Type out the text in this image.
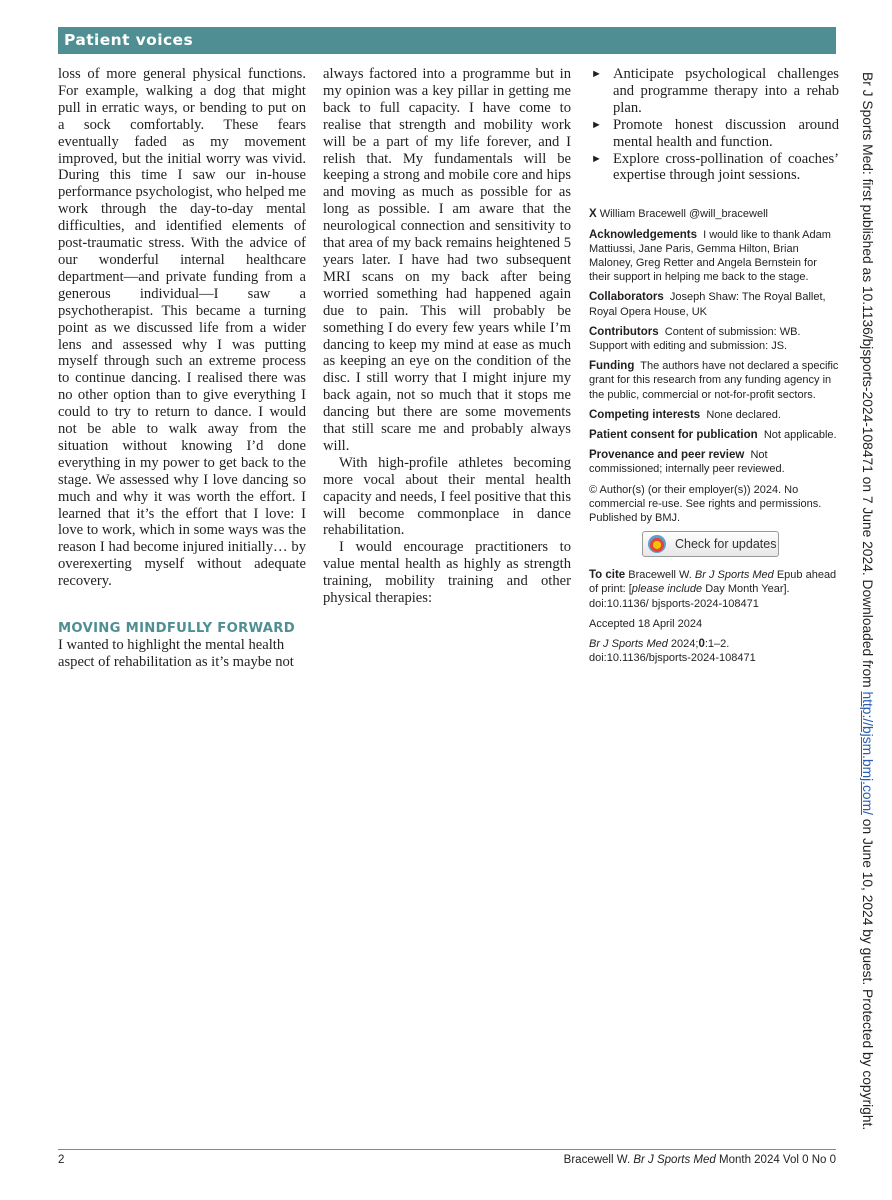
Patient voices

loss of more general physical functions. For example, walking a dog that might pull in erratic ways, or bending to put on a sock comfortably. These fears eventually faded as my movement improved, but the initial worry was vivid. During this time I saw our in-house performance psychologist, who helped me work through the day-to-day mental difficulties, and identified elements of post-traumatic stress. With the advice of our wonderful internal healthcare department—and private funding from a generous individual—I saw a psychotherapist. This became a turning point as we discussed life from a wider lens and assessed why I was putting myself through such an extreme process to continue dancing. I realised there was no other option than to give everything I could to try to return to dance. I would not be able to walk away from the situation without knowing I’d done everything in my power to get back to the stage. We assessed why I love dancing so much and why it was worth the effort. I learned that it’s the effort that I love: I love to work, which in some ways was the reason I had become injured initially… by overexerting myself without adequate recovery.

MOVING MINDFULLY FORWARD

I wanted to highlight the mental health aspect of rehabilitation as it’s maybe not

always factored into a programme but in my opinion was a key pillar in getting me back to full capacity. I have come to realise that strength and mobility work will be a part of my life forever, and I relish that. My fundamentals will be keeping a strong and mobile core and hips and moving as much as possible for as long as possible. I am aware that the neurological connection and sensitivity to that area of my back remains heightened 5 years later. I have had two subsequent MRI scans on my back after being worried something had happened again due to pain. This will probably be something I do every few years while I’m dancing to keep my mind at ease as much as keeping an eye on the condition of the disc. I still worry that I might injure my back again, not so much that it stops me dancing but there are some movements that still scare me and probably always will.

With high-profile athletes becoming more vocal about their mental health capacity and needs, I feel positive that this will become commonplace in dance rehabilitation.

I would encourage practitioners to value mental health as highly as strength training, mobility training and other physical therapies:

► Anticipate psychological challenges and programme therapy into a rehab plan.
► Promote honest discussion around mental health and function.
► Explore cross-pollination of coaches’ expertise through joint sessions.

X William Bracewell @will_bracewell

Acknowledgements I would like to thank Adam Mattiussi, Jane Paris, Gemma Hilton, Brian Maloney, Greg Retter and Angela Bernstein for their support in helping me back to the stage.

Collaborators Joseph Shaw: The Royal Ballet, Royal Opera House, UK

Contributors Content of submission: WB. Support with editing and submission: JS.

Funding The authors have not declared a specific grant for this research from any funding agency in the public, commercial or not-for-profit sectors.

Competing interests None declared.

Patient consent for publication Not applicable.

Provenance and peer review Not commissioned; internally peer reviewed.

© Author(s) (or their employer(s)) 2024. No commercial re-use. See rights and permissions. Published by BMJ.

Check for updates

To cite Bracewell W. Br J Sports Med Epub ahead of print: [please include Day Month Year]. doi:10.1136/ bjsports-2024-108471

Accepted 18 April 2024

Br J Sports Med 2024;0:1–2.
doi:10.1136/bjsports-2024-108471

2	Bracewell W. Br J Sports Med Month 2024 Vol 0 No 0
Br J Sports Med: first published as 10.1136/bjsports-2024-108471 on 7 June 2024. Downloaded from http://bjsm.bmj.com/ on June 10, 2024 by guest. Protected by copyright.
